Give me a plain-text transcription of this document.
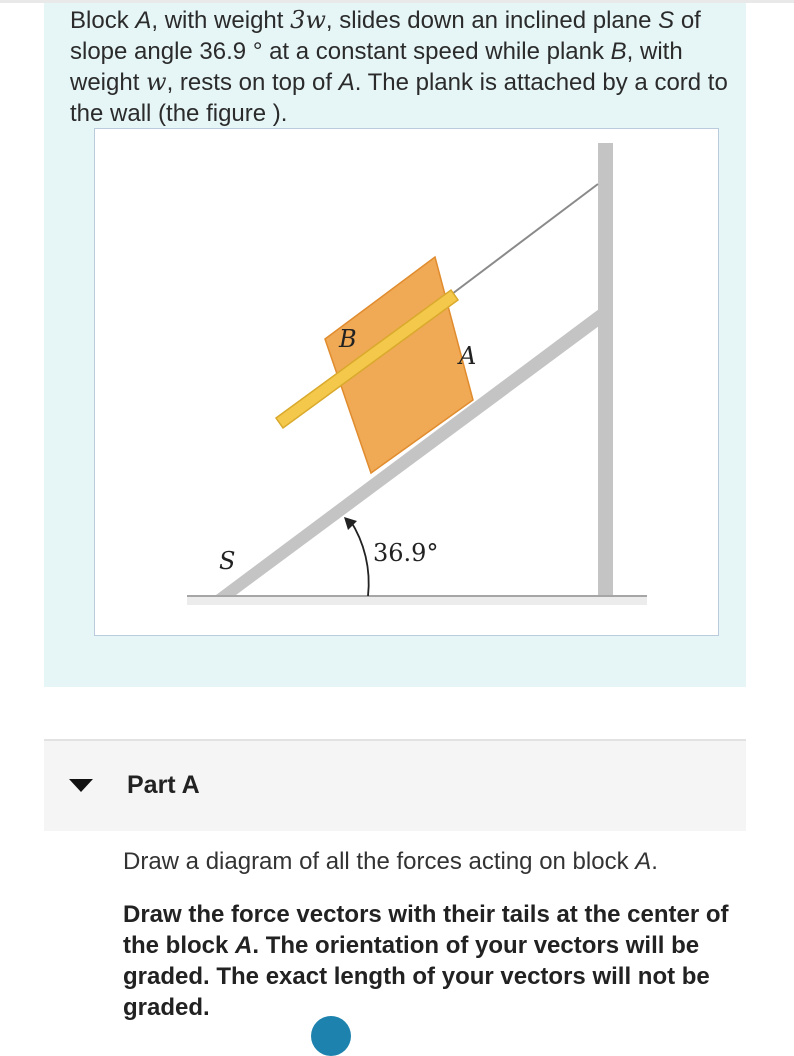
Block A, with weight 3w, slides down an inclined plane S of slope angle 36.9 ° at a constant speed while plank B, with weight w, rests on top of A. The plank is attached by a cord to the wall (the figure ).

B
A
S	36.9°
Part A

Draw a diagram of all the forces acting on block A.

Draw the force vectors with their tails at the center of the block A. The orientation of your vectors will be graded. The exact length of your vectors will not be graded.
